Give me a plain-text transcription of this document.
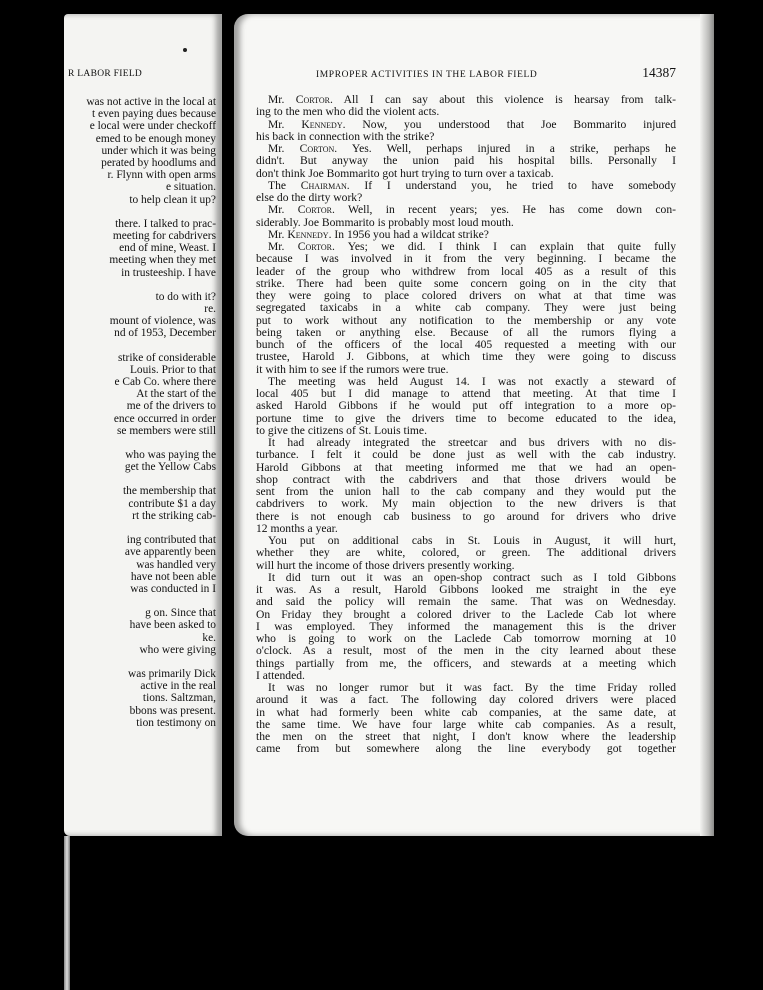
R LABOR FIELD
was not active in the local at
t even paying dues because
e local were under checkoff
emed to be enough money
under which it was being
perated by hoodlums and
r. Flynn with open arms
e situation.
to help clean it up?
there. I talked to prac-
meeting for cabdrivers
end of mine, Weast. I
meeting when they met
in trusteeship. I have
to do with it?
re.
mount of violence, was
nd of 1953, December
strike of considerable
Louis. Prior to that
e Cab Co. where there
At the start of the
me of the drivers to
ence occurred in order
se members were still
who was paying the
get the Yellow Cabs
the membership that
contribute $1 a day
rt the striking cab-
ing contributed that
ave apparently been
was handled very
have not been able
was conducted in I
g on. Since that
have been asked to
ke.
who were giving
was primarily Dick
active in the real
tions. Saltzman,
bbons was present.
tion testimony on
IMPROPER ACTIVITIES IN THE LABOR FIELD	14387
Mr. Cortor. All I can say about this violence is hearsay from talk-
ing to the men who did the violent acts.
Mr. Kennedy. Now, you understood that Joe Bommarito injured
his back in connection with the strike?
Mr. Corton. Yes. Well, perhaps injured in a strike, perhaps he
didn't. But anyway the union paid his hospital bills. Personally I
don't think Joe Bommarito got hurt trying to turn over a taxicab.
The Chairman. If I understand you, he tried to have somebody
else do the dirty work?
Mr. Cortor. Well, in recent years; yes. He has come down con-
siderably. Joe Bommarito is probably most loud mouth.
Mr. Kennedy. In 1956 you had a wildcat strike?
Mr. Cortor. Yes; we did. I think I can explain that quite fully
because I was involved in it from the very beginning. I became the
leader of the group who withdrew from local 405 as a result of this
strike. There had been quite some concern going on in the city that
they were going to place colored drivers on what at that time was
segregated taxicabs in a white cab company. They were just being
put to work without any notification to the membership or any vote
being taken or anything else. Because of all the rumors flying a
bunch of the officers of the local 405 requested a meeting with our
trustee, Harold J. Gibbons, at which time they were going to discuss
it with him to see if the rumors were true.
The meeting was held August 14. I was not exactly a steward of
local 405 but I did manage to attend that meeting. At that time I
asked Harold Gibbons if he would put off integration to a more op-
portune time to give the drivers time to become educated to the idea,
to give the citizens of St. Louis time.
It had already integrated the streetcar and bus drivers with no dis-
turbance. I felt it could be done just as well with the cab industry.
Harold Gibbons at that meeting informed me that we had an open-
shop contract with the cabdrivers and that those drivers would be
sent from the union hall to the cab company and they would put the
cabdrivers to work. My main objection to the new drivers is that
there is not enough cab business to go around for drivers who drive
12 months a year.
You put on additional cabs in St. Louis in August, it will hurt,
whether they are white, colored, or green. The additional drivers
will hurt the income of those drivers presently working.
It did turn out it was an open-shop contract such as I told Gibbons
it was. As a result, Harold Gibbons looked me straight in the eye
and said the policy will remain the same. That was on Wednesday.
On Friday they brought a colored driver to the Laclede Cab lot where
I was employed. They informed the management this is the driver
who is going to work on the Laclede Cab tomorrow morning at 10
o'clock. As a result, most of the men in the city learned about these
things partially from me, the officers, and stewards at a meeting which
I attended.
It was no longer rumor but it was fact. By the time Friday rolled
around it was a fact. The following day colored drivers were placed
in what had formerly been white cab companies, at the same date, at
the same time. We have four large white cab companies. As a result,
the men on the street that night, I don't know where the leadership
came from but somewhere along the line everybody got together
